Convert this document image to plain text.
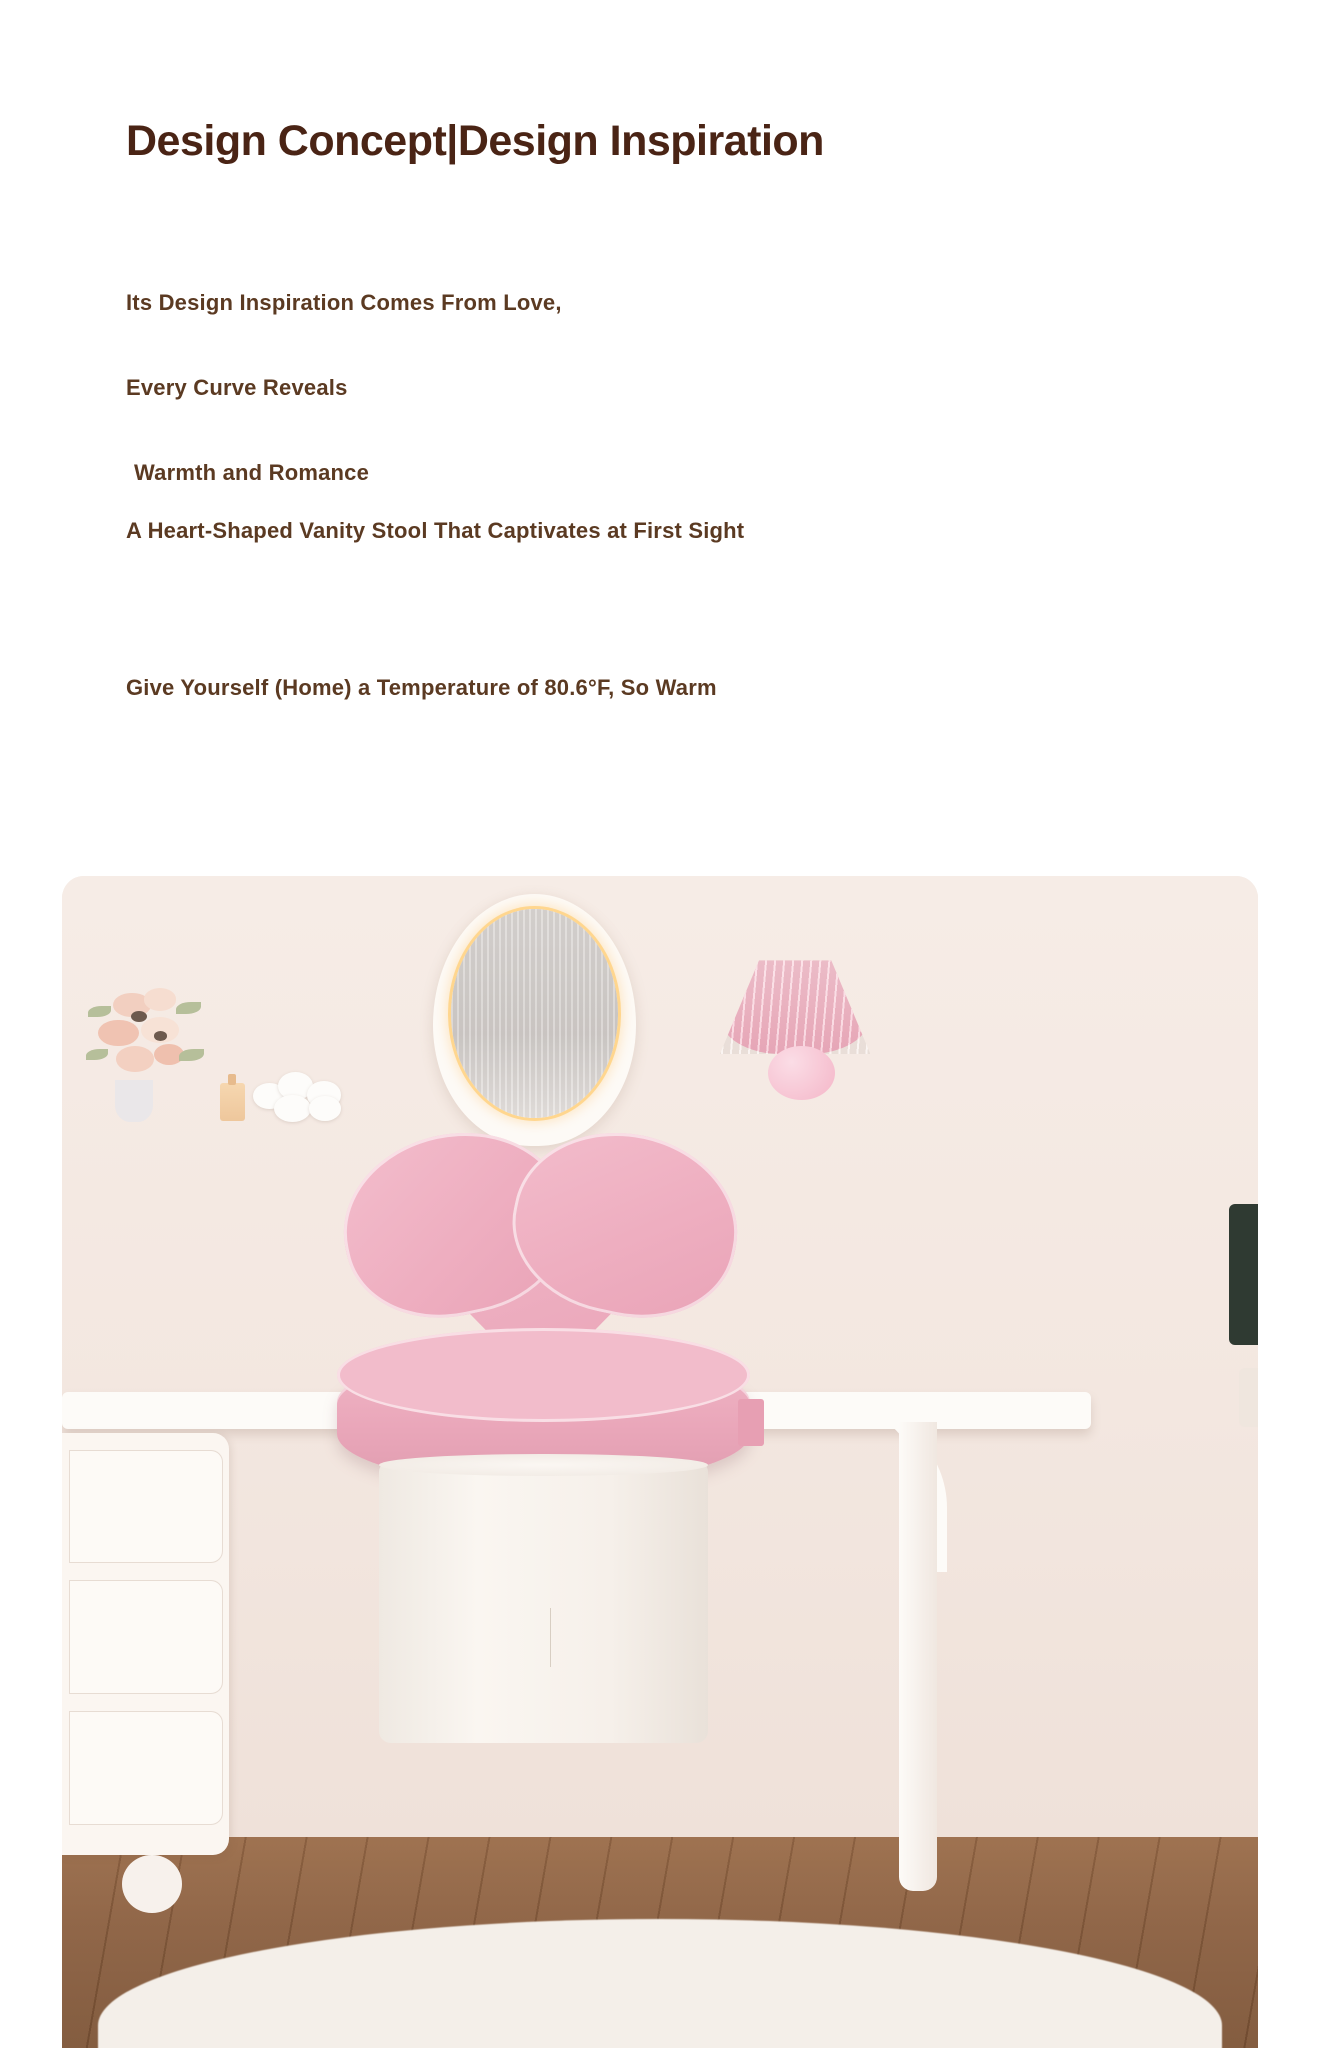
Design Concept|Design Inspiration
Its Design Inspiration Comes From Love,
Every Curve Reveals
Warmth and Romance
A Heart-Shaped Vanity Stool That Captivates at First Sight
Give Yourself (Home) a Temperature of 80.6°F, So Warm
